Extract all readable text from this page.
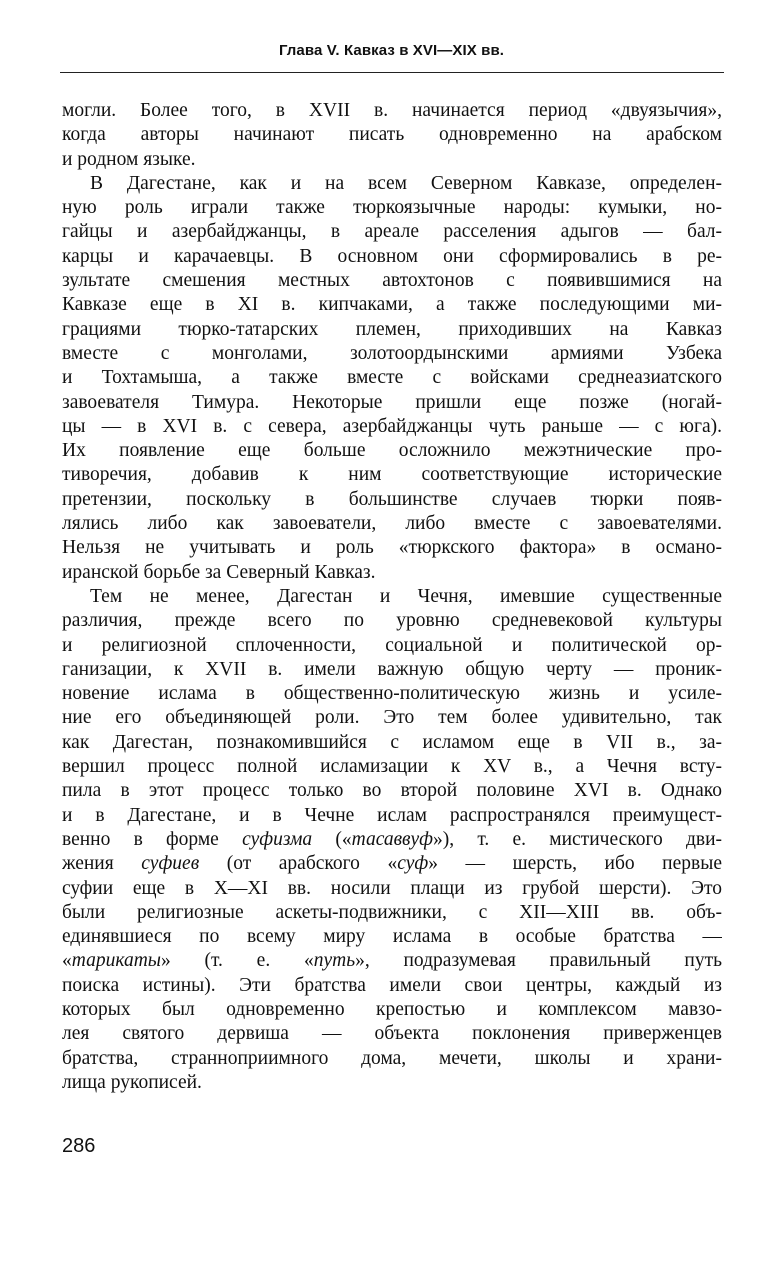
Глава V. Кавказ в XVI—XIX вв.
могли. Более того, в XVII в. начинается период «двуязычия»,
когда авторы начинают писать одновременно на арабском
и родном языке.
В Дагестане, как и на всем Северном Кавказе, определен-
ную роль играли также тюркоязычные народы: кумыки, но-
гайцы и азербайджанцы, в ареале расселения адыгов — бал-
карцы и карачаевцы. В основном они сформировались в ре-
зультате смешения местных автохтонов с появившимися на
Кавказе еще в XI в. кипчаками, а также последующими ми-
грациями тюрко-татарских племен, приходивших на Кавказ
вместе с монголами, золотоордынскими армиями Узбека
и Тохтамыша, а также вместе с войсками среднеазиатского
завоевателя Тимура. Некоторые пришли еще позже (ногай-
цы — в XVI в. с севера, азербайджанцы чуть раньше — с юга).
Их появление еще больше осложнило межэтнические про-
тиворечия, добавив к ним соответствующие исторические
претензии, поскольку в большинстве случаев тюрки появ-
лялись либо как завоеватели, либо вместе с завоевателями.
Нельзя не учитывать и роль «тюркского фактора» в османо-
иранской борьбе за Северный Кавказ.
Тем не менее, Дагестан и Чечня, имевшие существенные
различия, прежде всего по уровню средневековой культуры
и религиозной сплоченности, социальной и политической ор-
ганизации, к XVII в. имели важную общую черту — проник-
новение ислама в общественно-политическую жизнь и усиле-
ние его объединяющей роли. Это тем более удивительно, так
как Дагестан, познакомившийся с исламом еще в VII в., за-
вершил процесс полной исламизации к XV в., а Чечня всту-
пила в этот процесс только во второй половине XVI в. Однако
и в Дагестане, и в Чечне ислам распространялся преимущест-
венно в форме суфизма («тасаввуф»), т. е. мистического дви-
жения суфиев (от арабского «суф» — шерсть, ибо первые
суфии еще в X—XI вв. носили плащи из грубой шерсти). Это
были религиозные аскеты-подвижники, с XII—XIII вв. объ-
единявшиеся по всему миру ислама в особые братства —
«тарикаты» (т. е. «путь», подразумевая правильный путь
поиска истины). Эти братства имели свои центры, каждый из
которых был одновременно крепостью и комплексом мавзо-
лея святого дервиша — объекта поклонения приверженцев
братства, странноприимного дома, мечети, школы и храни-
лища рукописей.
286
